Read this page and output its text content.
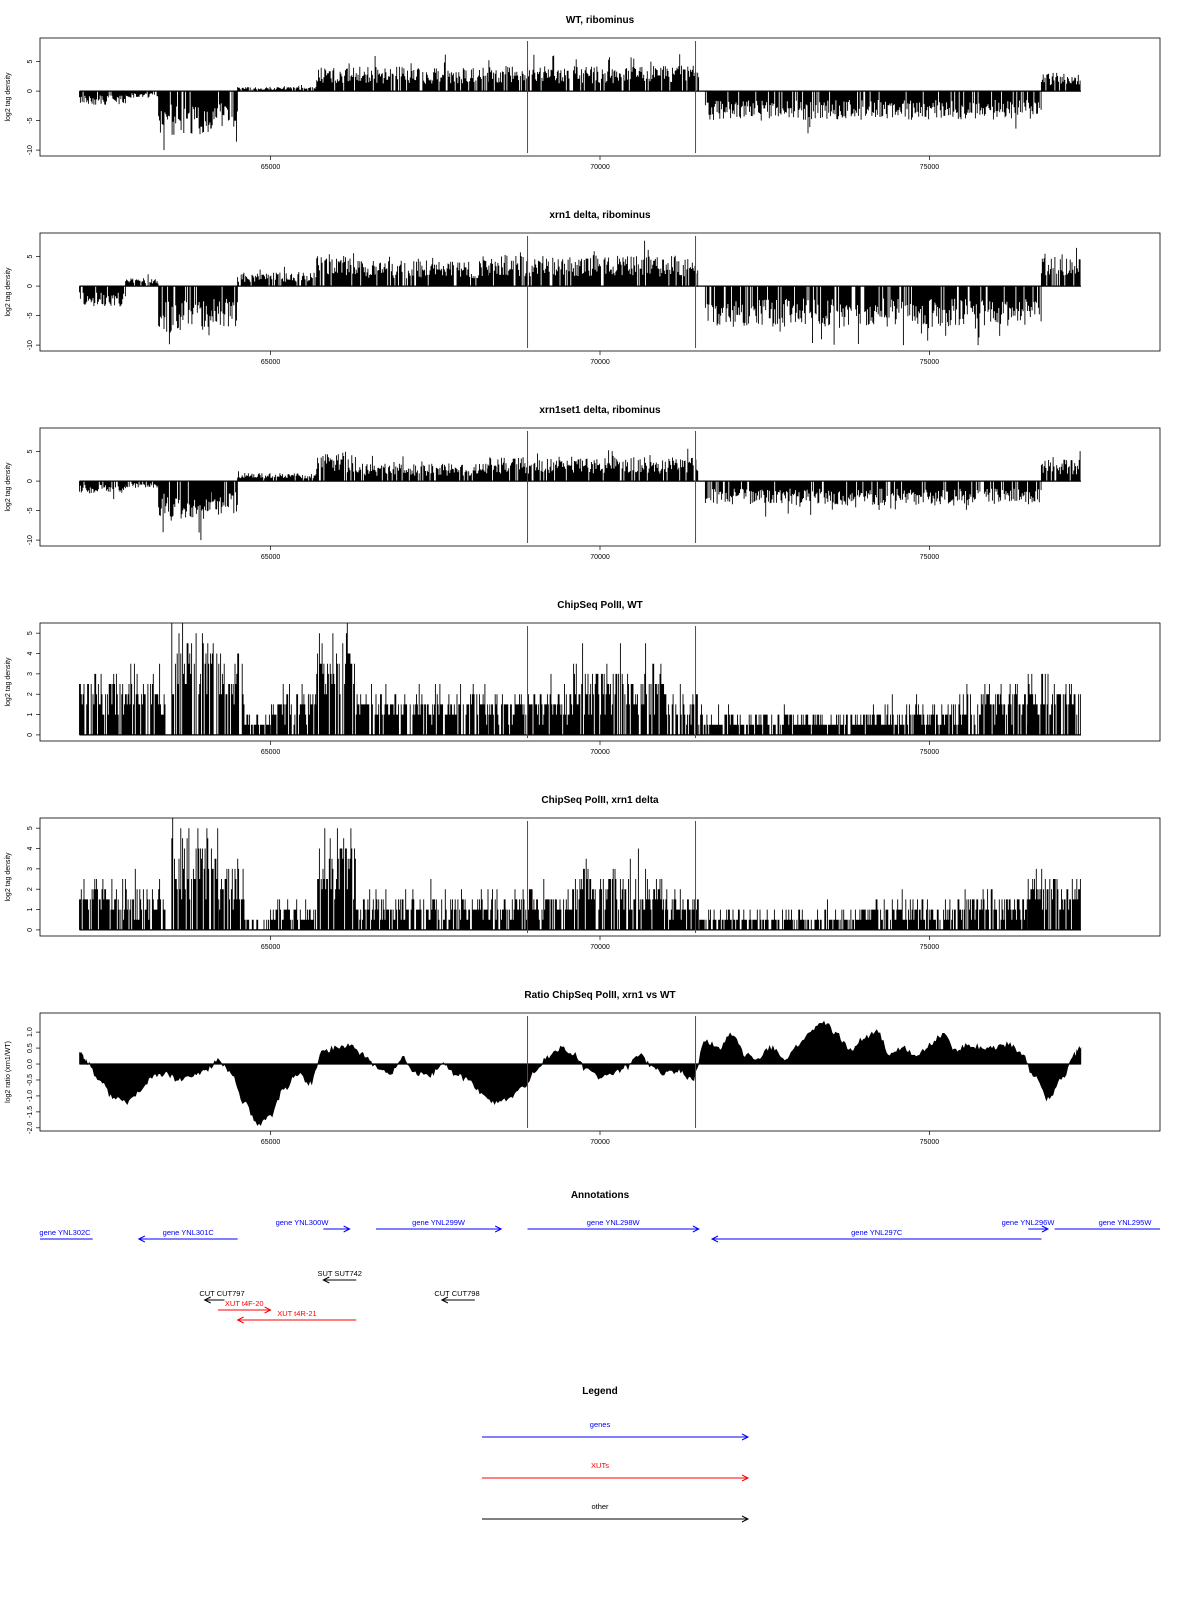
WT, ribominus
log2 tag density
5
0
-5
-10
65000	70000	75000
xrn1 delta, ribominus
log2 tag density
5
0
-5
-10
65000	70000	75000
xrn1set1 delta, ribominus
log2 tag density
5
0
-5
-10
65000	70000	75000
ChipSeq PolII, WT
log2 tag density
5
4
3
2
1
0
65000	70000	75000
ChipSeq PolII, xrn1 delta
log2 tag density
5
4
3
2
1
0
65000	70000	75000
Ratio ChipSeq PolII, xrn1 vs WT
log2 ratio (xrn1/WT)
1.0
0.5
0.0
-0.5
-1.0
-1.5
-2.0
65000	70000	75000
Annotations
gene YNL302C	gene YNL301C
gene YNL300W	gene YNL299W	gene YNL298W
gene YNL297C
gene YNL296W	gene YNL295W
SUT SUT742
CUT CUT797
XUT t4F-20
XUT t4R-21
CUT CUT798
Legend
genes
XUTs
other
